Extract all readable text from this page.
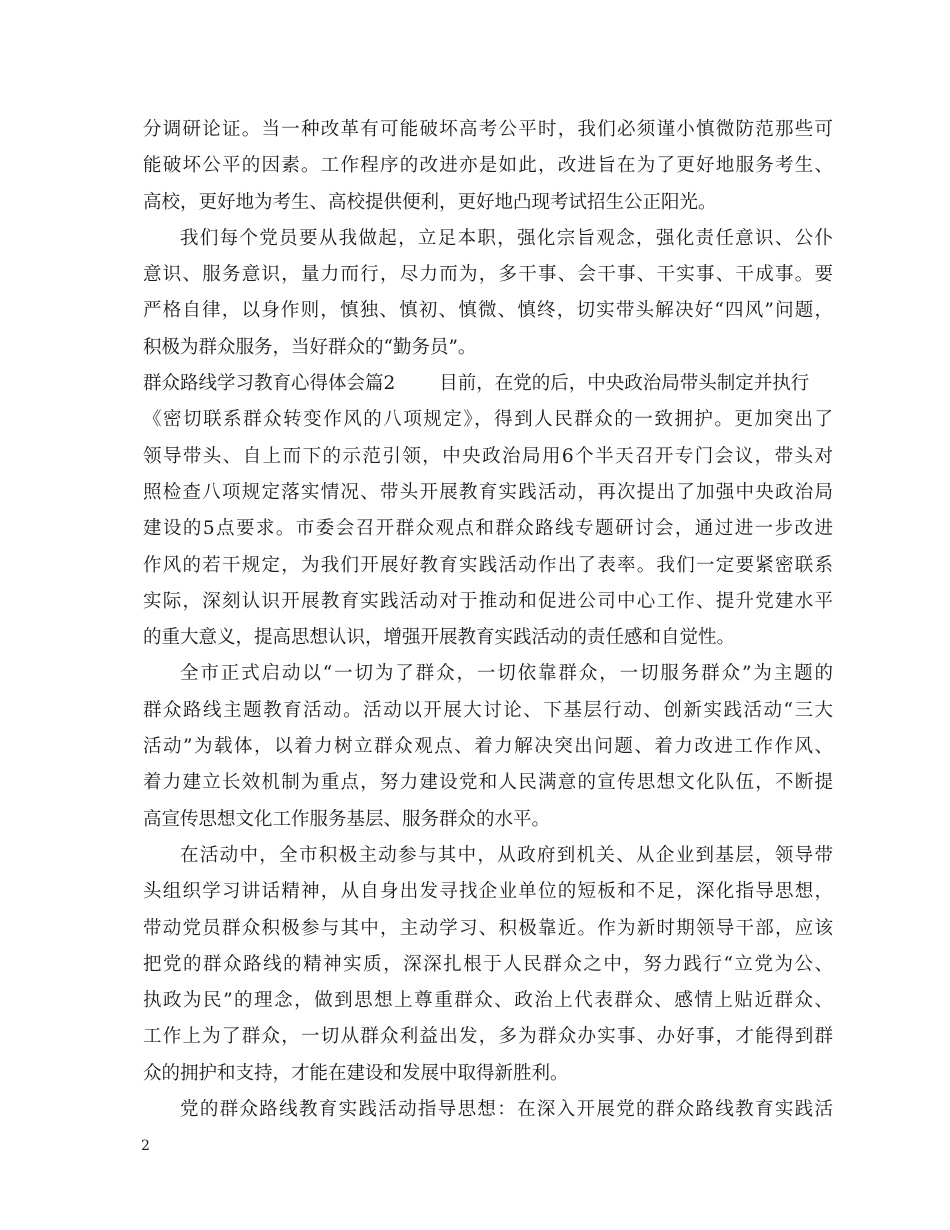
分调研论证。当一种改革有可能破坏高考公平时，我们必须谨小慎微防范那些可
能破坏公平的因素。工作程序的改进亦是如此，改进旨在为了更好地服务考生、
高校，更好地为考生、高校提供便利，更好地凸现考试招生公正阳光。
我们每个党员要从我做起，立足本职，强化宗旨观念，强化责任意识、公仆
意识、服务意识，量力而行，尽力而为，多干事、会干事、干实事、干成事。要
严格自律，以身作则，慎独、慎初、慎微、慎终，切实带头解决好“四风”问题，
积极为群众服务，当好群众的“勤务员”。
群众路线学习教育心得体会篇2 目前，在党的后，中央政治局带头制定并执行
《密切联系群众转变作风的八项规定》，得到人民群众的一致拥护。更加突出了
领导带头、自上而下的示范引领，中央政治局用6个半天召开专门会议，带头对
照检查八项规定落实情况、带头开展教育实践活动，再次提出了加强中央政治局
建设的5点要求。市委会召开群众观点和群众路线专题研讨会，通过进一步改进
作风的若干规定，为我们开展好教育实践活动作出了表率。我们一定要紧密联系
实际，深刻认识开展教育实践活动对于推动和促进公司中心工作、提升党建水平
的重大意义，提高思想认识，增强开展教育实践活动的责任感和自觉性。
全市正式启动以“一切为了群众，一切依靠群众，一切服务群众”为主题的
群众路线主题教育活动。活动以开展大讨论、下基层行动、创新实践活动“三大
活动”为载体，以着力树立群众观点、着力解决突出问题、着力改进工作作风、
着力建立长效机制为重点，努力建设党和人民满意的宣传思想文化队伍，不断提
高宣传思想文化工作服务基层、服务群众的水平。
在活动中，全市积极主动参与其中，从政府到机关、从企业到基层，领导带
头组织学习讲话精神，从自身出发寻找企业单位的短板和不足，深化指导思想，
带动党员群众积极参与其中，主动学习、积极靠近。作为新时期领导干部，应该
把党的群众路线的精神实质，深深扎根于人民群众之中，努力践行“立党为公、
执政为民”的理念，做到思想上尊重群众、政治上代表群众、感情上贴近群众、
工作上为了群众，一切从群众利益出发，多为群众办实事、办好事，才能得到群
众的拥护和支持，才能在建设和发展中取得新胜利。
党的群众路线教育实践活动指导思想：在深入开展党的群众路线教育实践活
2
